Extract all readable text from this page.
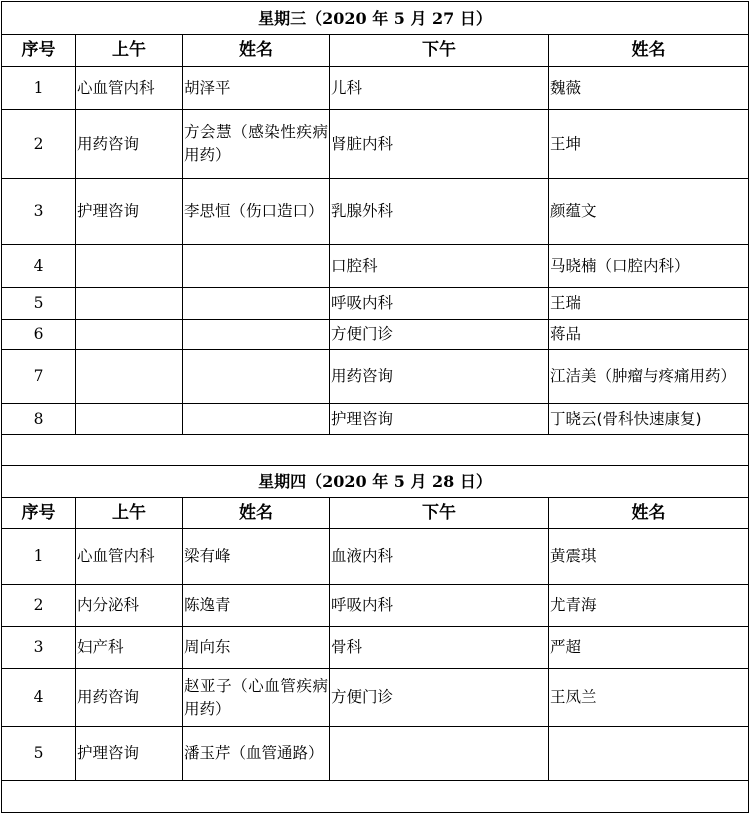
星期三（2020 年 5 月 27 日）				
序号	上午	姓名	下午	姓名
1	心血管内科	胡泽平	儿科	魏薇
2	用药咨询	方会慧（感染性疾病用药）	肾脏内科	王坤
3	护理咨询	李思恒（伤口造口）	乳腺外科	颜蕴文
4			口腔科	马晓楠（口腔内科）
5			呼吸内科	王瑞
6			方便门诊	蒋品
7			用药咨询	江洁美（肿瘤与疼痛用药）
8			护理咨询	丁晓云(骨科快速康复)

星期四（2020 年 5 月 28 日）				
序号	上午	姓名	下午	姓名
1	心血管内科	梁有峰	血液内科	黄震琪
2	内分泌科	陈逸青	呼吸内科	尤青海
3	妇产科	周向东	骨科	严超
4	用药咨询	赵亚子（心血管疾病用药）	方便门诊	王凤兰
5	护理咨询	潘玉芹（血管通路）		
